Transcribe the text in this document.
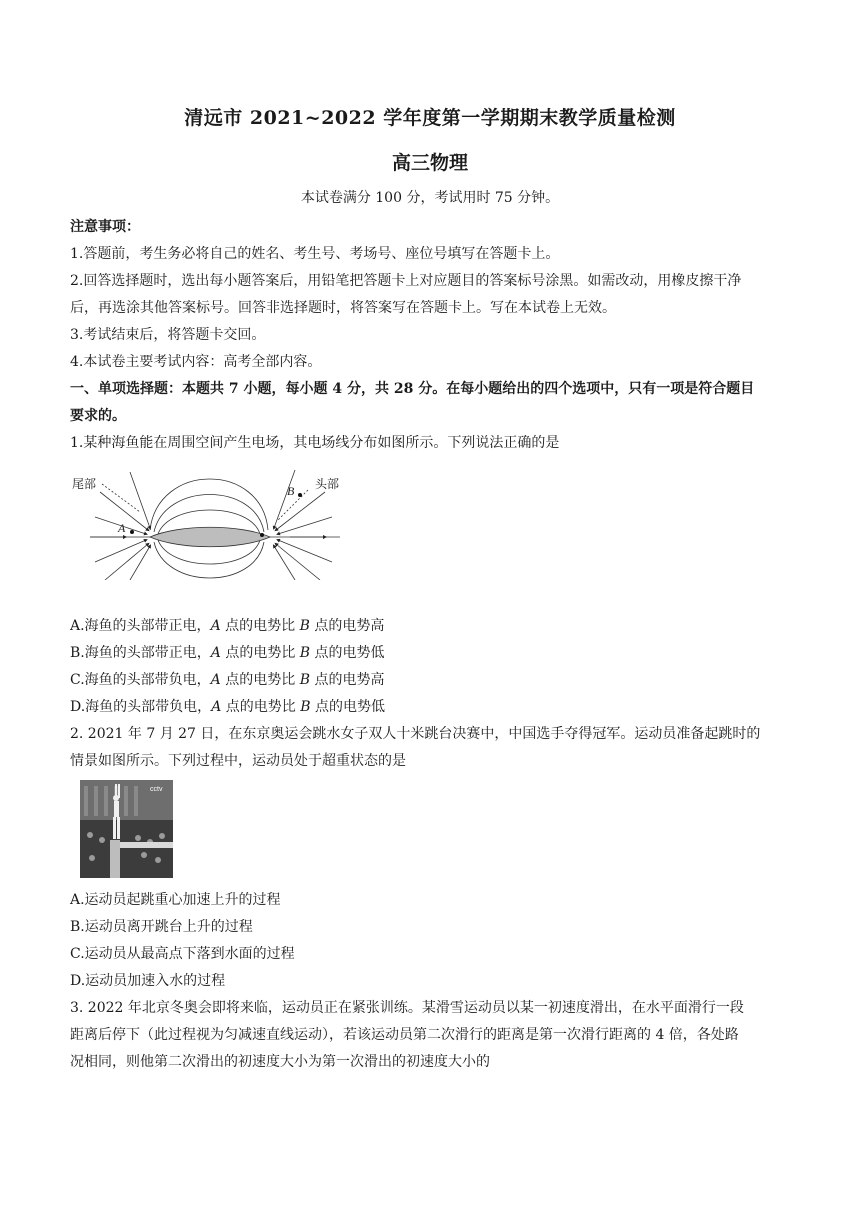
清远市 2021~2022 学年度第一学期期末教学质量检测
高三物理
本试卷满分 100 分，考试用时 75 分钟。
注意事项：
1.答题前，考生务必将自己的姓名、考生号、考场号、座位号填写在答题卡上。
2.回答选择题时，选出每小题答案后，用铅笔把答题卡上对应题目的答案标号涂黑。如需改动，用橡皮擦干净
后，再选涂其他答案标号。回答非选择题时，将答案写在答题卡上。写在本试卷上无效。
3.考试结束后，将答题卡交回。
4.本试卷主要考试内容：高考全部内容。
一、单项选择题：本题共 7 小题，每小题 4 分，共 28 分。在每小题给出的四个选项中，只有一项是符合题目
要求的。
1.某种海鱼能在周围空间产生电场，其电场线分布如图所示。下列说法正确的是
尾部	头部
A
B
A.海鱼的头部带正电，A 点的电势比 B 点的电势高
B.海鱼的头部带正电，A 点的电势比 B 点的电势低
C.海鱼的头部带负电，A 点的电势比 B 点的电势高
D.海鱼的头部带负电，A 点的电势比 B 点的电势低
2. 2021 年 7 月 27 日，在东京奥运会跳水女子双人十米跳台决赛中，中国选手夺得冠军。运动员准备起跳时的
情景如图所示。下列过程中，运动员处于超重状态的是
cctv
A.运动员起跳重心加速上升的过程
B.运动员离开跳台上升的过程
C.运动员从最高点下落到水面的过程
D.运动员加速入水的过程
3. 2022 年北京冬奥会即将来临，运动员正在紧张训练。某滑雪运动员以某一初速度滑出，在水平面滑行一段
距离后停下（此过程视为匀减速直线运动），若该运动员第二次滑行的距离是第一次滑行距离的 4 倍，各处路
况相同，则他第二次滑出的初速度大小为第一次滑出的初速度大小的
